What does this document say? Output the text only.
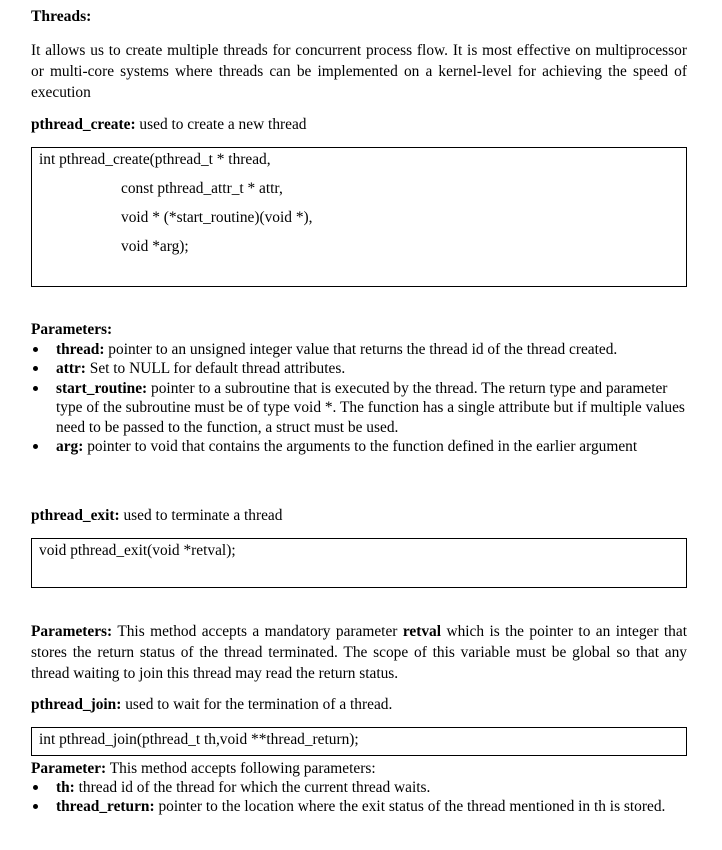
Threads:
It allows us to create multiple threads for concurrent process flow. It is most effective on multiprocessor or multi-core systems where threads can be implemented on a kernel-level for achieving the speed of execution
pthread_create: used to create a new thread
int pthread_create(pthread_t * thread,
const pthread_attr_t * attr,
void * (*start_routine)(void *),
void *arg);
Parameters:
thread: pointer to an unsigned integer value that returns the thread id of the thread created.
attr: Set to NULL for default thread attributes.
start_routine: pointer to a subroutine that is executed by the thread. The return type and parameter type of the subroutine must be of type void *. The function has a single attribute but if multiple values need to be passed to the function, a struct must be used.
arg: pointer to void that contains the arguments to the function defined in the earlier argument
pthread_exit: used to terminate a thread
void pthread_exit(void *retval);
Parameters: This method accepts a mandatory parameter retval which is the pointer to an integer that stores the return status of the thread terminated. The scope of this variable must be global so that any thread waiting to join this thread may read the return status.
pthread_join: used to wait for the termination of a thread.
int pthread_join(pthread_t th,void **thread_return);
Parameter: This method accepts following parameters:
th: thread id of the thread for which the current thread waits.
thread_return: pointer to the location where the exit status of the thread mentioned in th is stored.
